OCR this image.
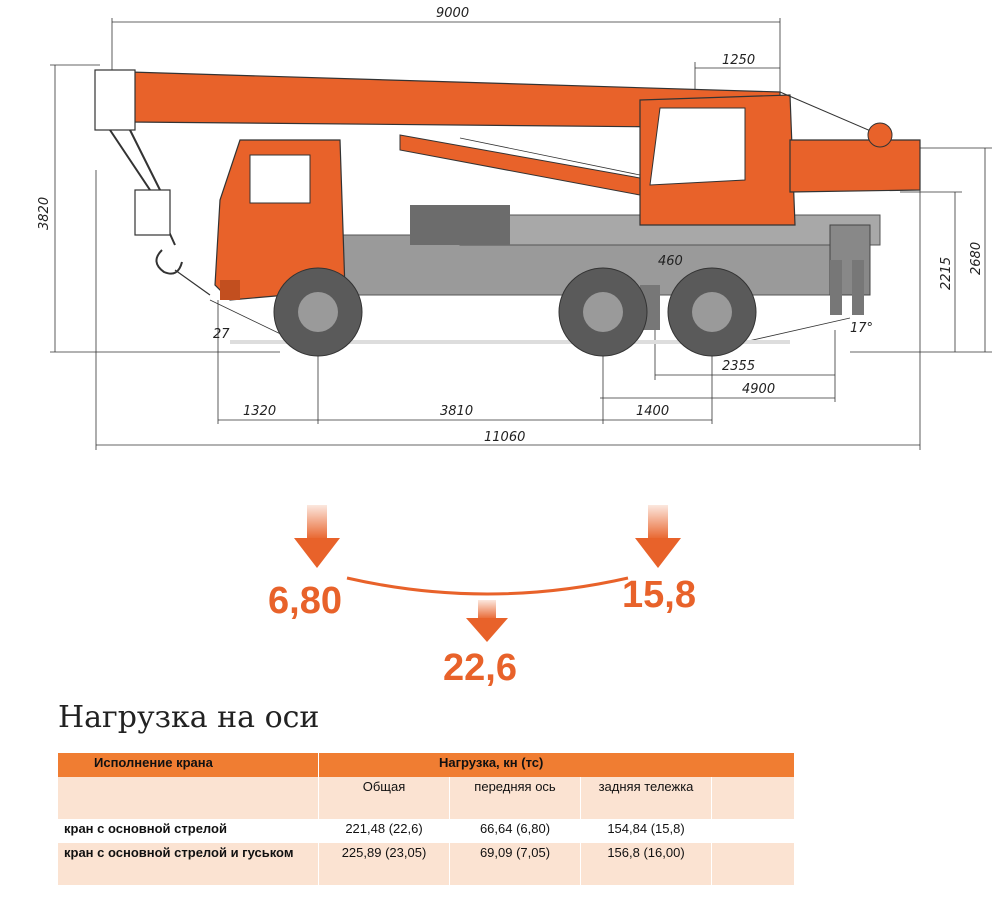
9000
1250
3820
2215 2680
27	17°
460
2355
4900
1320	3810	1400
11060
6,80	15,8
22,6
Нагрузка на оси
Исполнение крана	Нагрузка, кн (тс)			
	Общая	передняя ось	задняя тележка	
кран с основной стрелой	221,48 (22,6)	66,64 (6,80)	154,84 (15,8)	
кран с основной стрелой и гуськом	225,89 (23,05)	69,09 (7,05)	156,8 (16,00)	
